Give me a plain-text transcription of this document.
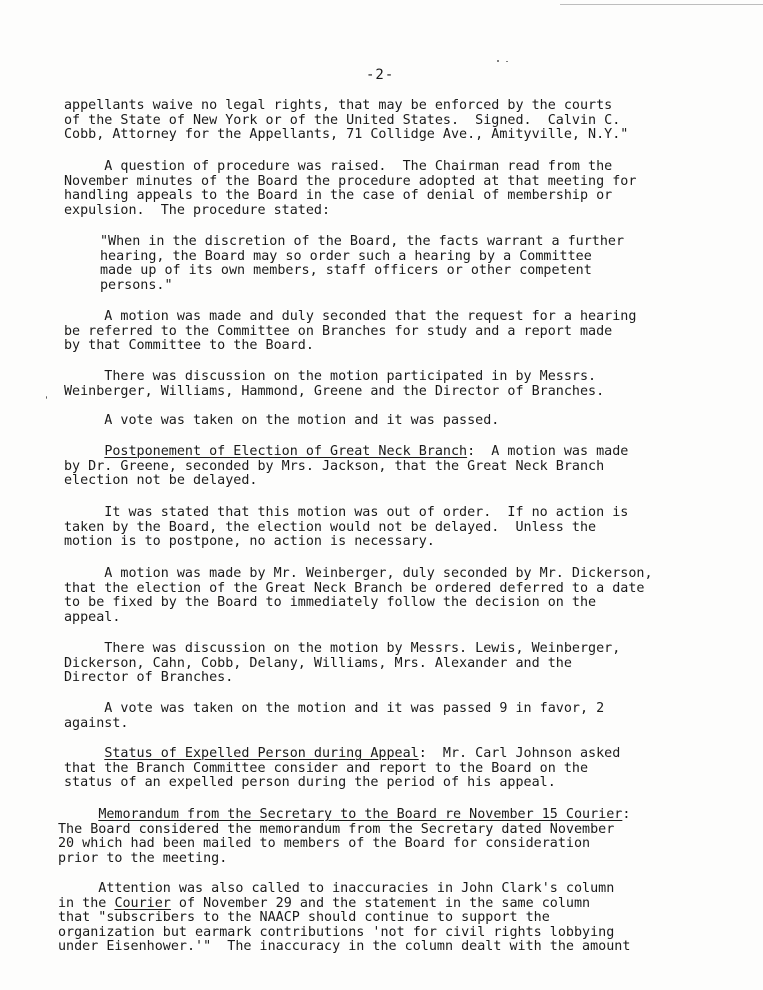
-2-
appellants waive no legal rights, that may be enforced by the courts
of the State of New York or of the United States.  Signed.  Calvin C.
Cobb, Attorney for the Appellants, 71 Collidge Ave., Amityville, N.Y."
A question of procedure was raised.  The Chairman read from the
November minutes of the Board the procedure adopted at that meeting for
handling appeals to the Board in the case of denial of membership or
expulsion.  The procedure stated:
"When in the discretion of the Board, the facts warrant a further
hearing, the Board may so order such a hearing by a Committee
made up of its own members, staff officers or other competent
persons."
A motion was made and duly seconded that the request for a hearing
be referred to the Committee on Branches for study and a report made
by that Committee to the Board.
There was discussion on the motion participated in by Messrs.
Weinberger, Williams, Hammond, Greene and the Director of Branches.
A vote was taken on the motion and it was passed.
Postponement of Election of Great Neck Branch:  A motion was made
by Dr. Greene, seconded by Mrs. Jackson, that the Great Neck Branch
election not be delayed.
It was stated that this motion was out of order.  If no action is
taken by the Board, the election would not be delayed.  Unless the
motion is to postpone, no action is necessary.
A motion was made by Mr. Weinberger, duly seconded by Mr. Dickerson,
that the election of the Great Neck Branch be ordered deferred to a date
to be fixed by the Board to immediately follow the decision on the
appeal.
There was discussion on the motion by Messrs. Lewis, Weinberger,
Dickerson, Cahn, Cobb, Delany, Williams, Mrs. Alexander and the
Director of Branches.
A vote was taken on the motion and it was passed 9 in favor, 2
against.
Status of Expelled Person during Appeal:  Mr. Carl Johnson asked
that the Branch Committee consider and report to the Board on the
status of an expelled person during the period of his appeal.
Memorandum from the Secretary to the Board re November 15 Courier:
The Board considered the memorandum from the Secretary dated November
20 which had been mailed to members of the Board for consideration
prior to the meeting.
Attention was also called to inaccuracies in John Clark's column
in the Courier of November 29 and the statement in the same column
that "subscribers to the NAACP should continue to support the
organization but earmark contributions 'not for civil rights lobbying
under Eisenhower.'"  The inaccuracy in the column dealt with the amount
